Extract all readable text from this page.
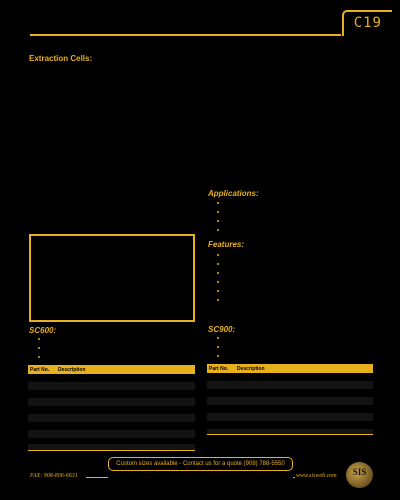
C19
Extraction Cells:
Applications:
Features:
SC600:	SC900:
Part No.	Description	Part No.	Description
Custom sizes available - Contact us for a quote (908) 788-5550
FAX: 908-806-6631	www.sisweb.com	SIS
